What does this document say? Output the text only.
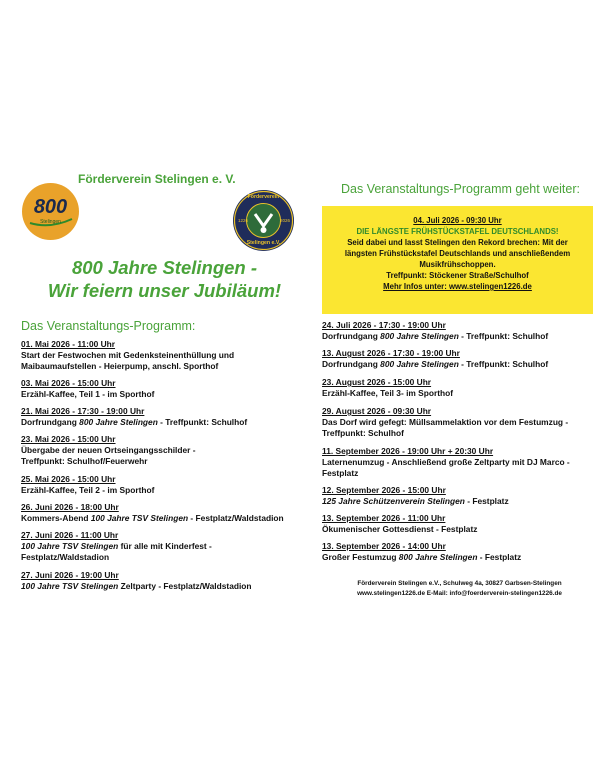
Förderverein Stelingen e. V.
800
Stelingen
Förderverein
Stelingen e.V.
1226	2026
800 Jahre Stelingen -
Wir feiern unser Jubiläum!
Das Veranstaltungs-Programm:
01. Mai 2026 - 11:00 Uhr
Start der Festwochen mit Gedenksteinenthüllung und
Maibaumaufstellen - Heierpump, anschl. Sporthof
03. Mai 2026 - 15:00 Uhr
Erzähl-Kaffee, Teil 1 - im Sporthof
21. Mai 2026 - 17:30 - 19:00 Uhr
Dorfrundgang 800 Jahre Stelingen - Treffpunkt: Schulhof
23. Mai 2026 - 15:00 Uhr
Übergabe der neuen Ortseingangsschilder -
Treffpunkt: Schulhof/Feuerwehr
25. Mai 2026 - 15:00 Uhr
Erzähl-Kaffee, Teil 2 - im Sporthof
26. Juni 2026 - 18:00 Uhr
Kommers-Abend 100 Jahre TSV Stelingen - Festplatz/Waldstadion
27. Juni 2026 - 11:00 Uhr
100 Jahre TSV Stelingen für alle mit Kinderfest -
Festplatz/Waldstadion
27. Juni 2026 - 19:00 Uhr
100 Jahre TSV Stelingen Zeltparty - Festplatz/Waldstadion
Das Veranstaltungs-Programm geht weiter:
04. Juli 2026 - 09:30 Uhr
DIE LÄNGSTE FRÜHSTÜCKSTAFEL DEUTSCHLANDS!
Seid dabei und lasst Stelingen den Rekord brechen: Mit der
längsten Frühstückstafel Deutschlands und anschließendem
Musikfrühschoppen.
Treffpunkt: Stöckener Straße/Schulhof
Mehr Infos unter: www.stelingen1226.de
24. Juli 2026 - 17:30 - 19:00 Uhr
Dorfrundgang 800 Jahre Stelingen - Treffpunkt: Schulhof
13. August 2026 - 17:30 - 19:00 Uhr
Dorfrundgang 800 Jahre Stelingen - Treffpunkt: Schulhof
23. August 2026 - 15:00 Uhr
Erzähl-Kaffee, Teil 3- im Sporthof
29. August 2026 - 09:30 Uhr
Das Dorf wird gefegt: Müllsammelaktion vor dem Festumzug -
Treffpunkt: Schulhof
11. September 2026 - 19:00 Uhr + 20:30 Uhr
Laternenumzug - Anschließend große Zeltparty mit DJ Marco -
Festplatz
12. September 2026 - 15:00 Uhr
125 Jahre Schützenverein Stelingen - Festplatz
13. September 2026 - 11:00 Uhr
Ökumenischer Gottesdienst - Festplatz
13. September 2026 - 14:00 Uhr
Großer Festumzug 800 Jahre Stelingen - Festplatz
Förderverein Stelingen e.V., Schulweg 4a, 30827 Garbsen-Stelingen
www.stelingen1226.de E-Mail: info@foerderverein-stelingen1226.de
